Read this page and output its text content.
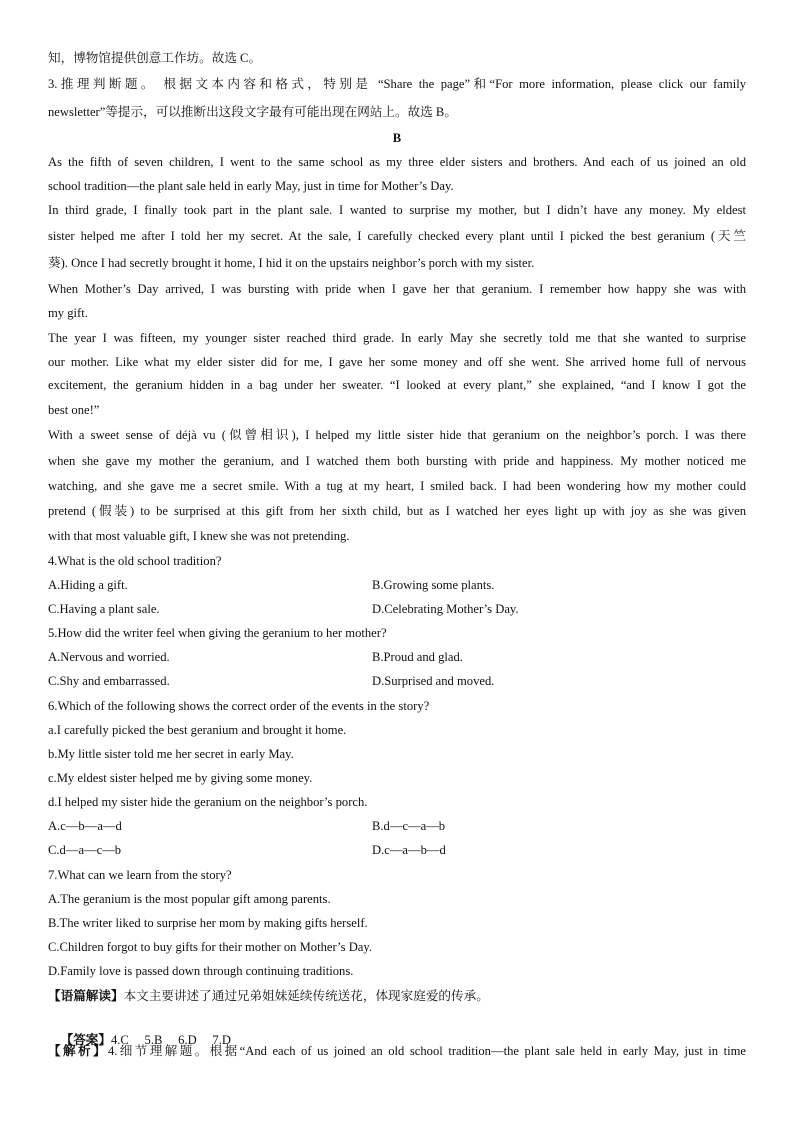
知，博物馆提供创意工作坊。故选 C。
3.推理判断题。 根据文本内容和格式，特别是 “Share the page”和“For more information, please click our family
newsletter”等提示，可以推断出这段文字最有可能出现在网站上。故选 B。
B
As the fifth of seven children, I went to the same school as my three elder sisters and brothers. And each of us joined an old
school tradition—the plant sale held in early May, just in time for Mother’s Day.
In third grade, I finally took part in the plant sale. I wanted to surprise my mother, but I didn’t have any money. My eldest
sister helped me after I told her my secret. At the sale, I carefully checked every plant until I picked the best geranium (天竺
葵). Once I had secretly brought it home, I hid it on the upstairs neighbor’s porch with my sister.
When Mother’s Day arrived, I was bursting with pride when I gave her that geranium. I remember how happy she was with
my gift.
The year I was fifteen, my younger sister reached third grade. In early May she secretly told me that she wanted to surprise
our mother. Like what my elder sister did for me, I gave her some money and off she went. She arrived home full of nervous
excitement, the geranium hidden in a bag under her sweater. “I looked at every plant,” she explained, “and I know I got the
best one!”
With a sweet sense of déjà vu (似曾相识), I helped my little sister hide that geranium on the neighbor’s porch. I was there
when she gave my mother the geranium, and I watched them both bursting with pride and happiness. My mother noticed me
watching, and she gave me a secret smile. With a tug at my heart, I smiled back. I had been wondering how my mother could
pretend (假装) to be surprised at this gift from her sixth child, but as I watched her eyes light up with joy as she was given
with that most valuable gift, I knew she was not pretending.
4.What is the old school tradition?
A.Hiding a gift.	B.Growing some plants.
C.Having a plant sale.	D.Celebrating Mother’s Day.
5.How did the writer feel when giving the geranium to her mother?
A.Nervous and worried.	B.Proud and glad.
C.Shy and embarrassed.	D.Surprised and moved.
6.Which of the following shows the correct order of the events in the story?
a.I carefully picked the best geranium and brought it home.
b.My little sister told me her secret in early May.
c.My eldest sister helped me by giving some money.
d.I helped my sister hide the geranium on the neighbor’s porch.
A.c—b—a—d	B.d—c—a—b
C.d—a—c—b	D.c—a—b—d
7.What can we learn from the story?
A.The geranium is the most popular gift among parents.
B.The writer liked to surprise her mom by making gifts herself.
C.Children forgot to buy gifts for their mother on Mother’s Day.
D.Family love is passed down through continuing traditions.
【语篇解读】本文主要讲述了通过兄弟姐妹延续传统送花，体现家庭爱的传承。

【答案】4.C     5.B     6.D     7.D

【解析】4.细节理解题。根据“And each of us joined an old school tradition—the plant sale held in early May, just in time
